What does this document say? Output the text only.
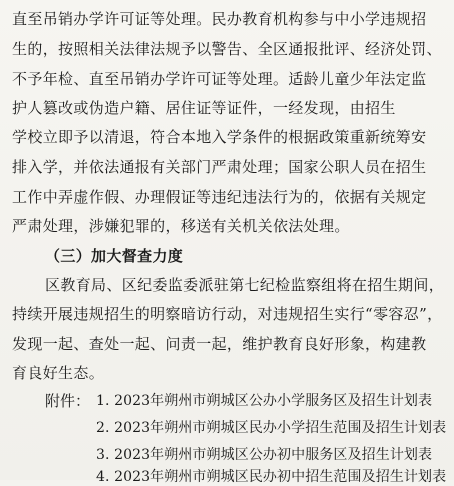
直至吊销办学许可证等处理。民办教育机构参与中小学违规招
生的，按照相关法律法规予以警告、全区通报批评、经济处罚、
不予年检、直至吊销办学许可证等处理。适龄儿童少年法定监
护人篡改或伪造户籍、居住证等证件，一经发现，由招生
学校立即予以清退，符合本地入学条件的根据政策重新统筹安
排入学，并依法通报有关部门严肃处理；国家公职人员在招生
工作中弄虚作假、办理假证等违纪违法行为的，依据有关规定
严肃处理，涉嫌犯罪的，移送有关机关依法处理。
（三）加大督查力度
区教育局、区纪委监委派驻第七纪检监察组将在招生期间，
持续开展违规招生的明察暗访行动，对违规招生实行“零容忍”，
发现一起、查处一起、问责一起，维护教育良好形象，构建教
育良好生态。
附件： 1. 2023年朔州市朔城区公办小学服务区及招生计划表
2. 2023年朔州市朔城区民办小学招生范围及招生计划表
3. 2023年朔州市朔城区公办初中服务区及招生计划表
4. 2023年朔州市朔城区民办初中招生范围及招生计划表
